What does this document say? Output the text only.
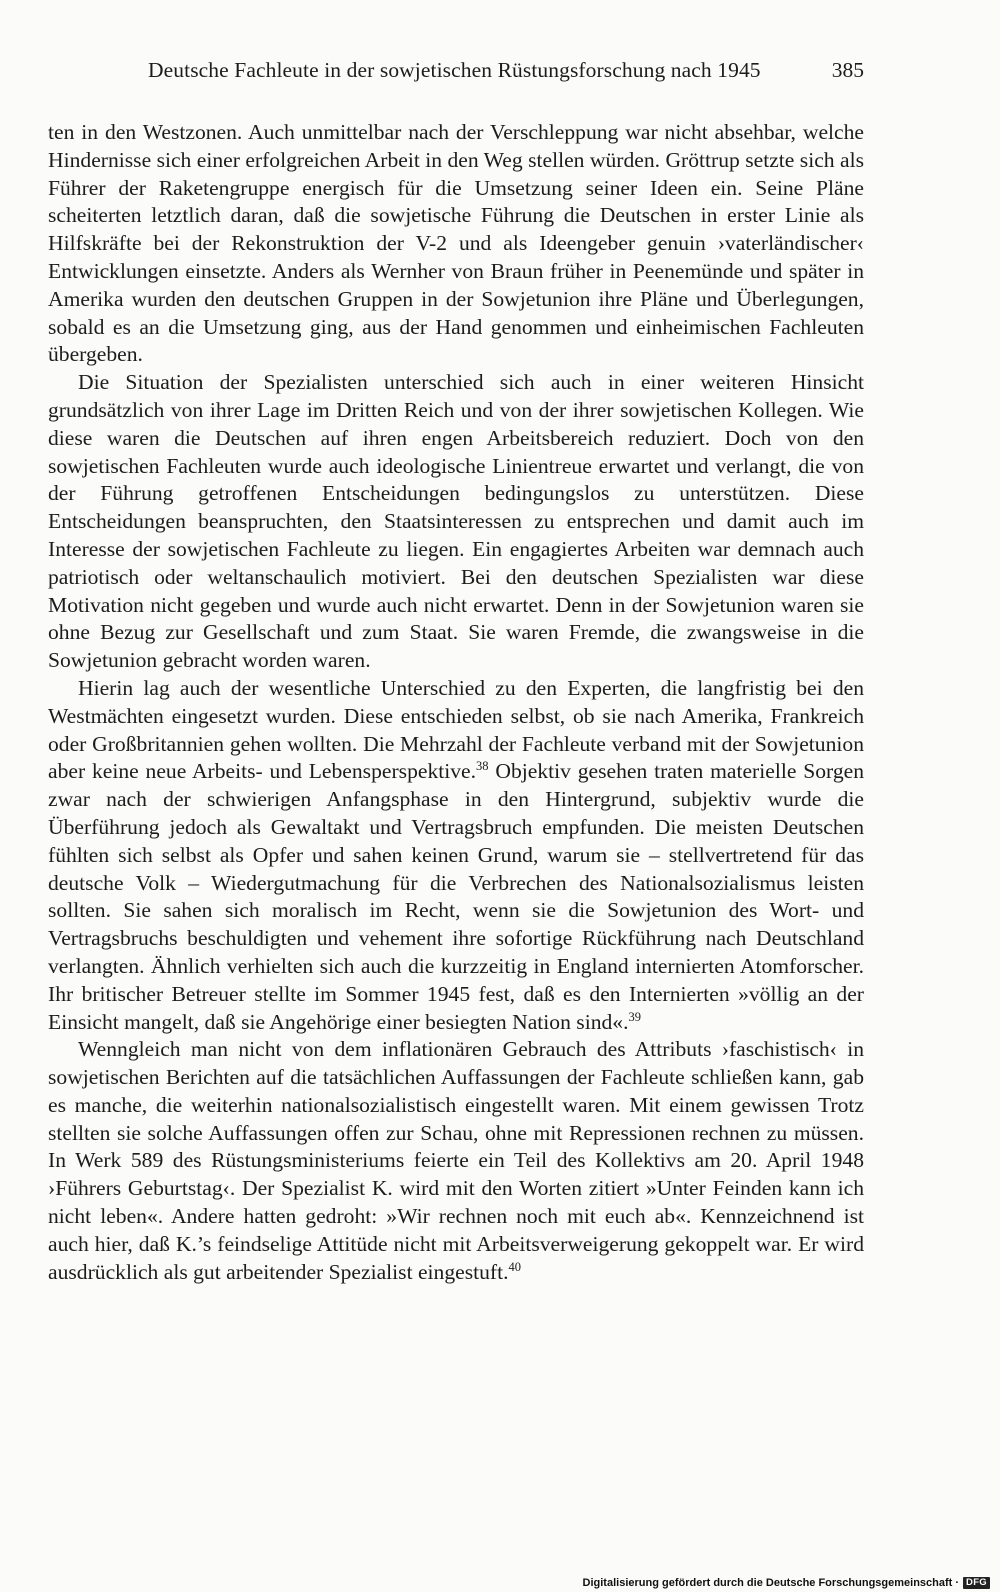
Deutsche Fachleute in der sowjetischen Rüstungsforschung nach 1945	385

ten in den Westzonen. Auch unmittelbar nach der Verschleppung war nicht absehbar, welche Hindernisse sich einer erfolgreichen Arbeit in den Weg stellen würden. Gröttrup setzte sich als Führer der Raketengruppe energisch für die Umsetzung seiner Ideen ein. Seine Pläne scheiterten letztlich daran, daß die sowjetische Führung die Deutschen in erster Linie als Hilfskräfte bei der Rekonstruktion der V-2 und als Ideengeber genuin ›vaterländischer‹ Entwicklungen einsetzte. Anders als Wernher von Braun früher in Peenemünde und später in Amerika wurden den deutschen Gruppen in der Sowjetunion ihre Pläne und Überlegungen, sobald es an die Umsetzung ging, aus der Hand genommen und einheimischen Fachleuten übergeben.

Die Situation der Spezialisten unterschied sich auch in einer weiteren Hinsicht grundsätzlich von ihrer Lage im Dritten Reich und von der ihrer sowjetischen Kollegen. Wie diese waren die Deutschen auf ihren engen Arbeitsbereich reduziert. Doch von den sowjetischen Fachleuten wurde auch ideologische Linientreue erwartet und verlangt, die von der Führung getroffenen Entscheidungen bedingungslos zu unterstützen. Diese Entscheidungen beanspruchten, den Staatsinteressen zu entsprechen und damit auch im Interesse der sowjetischen Fachleute zu liegen. Ein engagiertes Arbeiten war demnach auch patriotisch oder weltanschaulich motiviert. Bei den deutschen Spezialisten war diese Motivation nicht gegeben und wurde auch nicht erwartet. Denn in der Sowjetunion waren sie ohne Bezug zur Gesellschaft und zum Staat. Sie waren Fremde, die zwangsweise in die Sowjetunion gebracht worden waren.

Hierin lag auch der wesentliche Unterschied zu den Experten, die langfristig bei den Westmächten eingesetzt wurden. Diese entschieden selbst, ob sie nach Amerika, Frankreich oder Großbritannien gehen wollten. Die Mehrzahl der Fachleute verband mit der Sowjetunion aber keine neue Arbeits- und Lebensperspektive.$^{38}$ Objektiv gesehen traten materielle Sorgen zwar nach der schwierigen Anfangsphase in den Hintergrund, subjektiv wurde die Überführung jedoch als Gewaltakt und Vertragsbruch empfunden. Die meisten Deutschen fühlten sich selbst als Opfer und sahen keinen Grund, warum sie – stellvertretend für das deutsche Volk – Wiedergutmachung für die Verbrechen des Nationalsozialismus leisten sollten. Sie sahen sich moralisch im Recht, wenn sie die Sowjetunion des Wort- und Vertragsbruchs beschuldigten und vehement ihre sofortige Rückführung nach Deutschland verlangten. Ähnlich verhielten sich auch die kurzzeitig in England internierten Atomforscher. Ihr britischer Betreuer stellte im Sommer 1945 fest, daß es den Internierten »völlig an der Einsicht mangelt, daß sie Angehörige einer besiegten Nation sind«.$^{39}$

Wenngleich man nicht von dem inflationären Gebrauch des Attributs ›faschistisch‹ in sowjetischen Berichten auf die tatsächlichen Auffassungen der Fachleute schließen kann, gab es manche, die weiterhin nationalsozialistisch eingestellt waren. Mit einem gewissen Trotz stellten sie solche Auffassungen offen zur Schau, ohne mit Repressionen rechnen zu müssen. In Werk 589 des Rüstungsministeriums feierte ein Teil des Kollektivs am 20. April 1948 ›Führers Geburtstag‹. Der Spezialist K. wird mit den Worten zitiert »Unter Feinden kann ich nicht leben«. Andere hatten gedroht: »Wir rechnen noch mit euch ab«. Kennzeichnend ist auch hier, daß K.’s feindselige Attitüde nicht mit Arbeitsverweigerung gekoppelt war. Er wird ausdrücklich als gut arbeitender Spezialist eingestuft.$^{40}$

Digitalisierung gefördert durch die Deutsche Forschungsgemeinschaft · DFG
